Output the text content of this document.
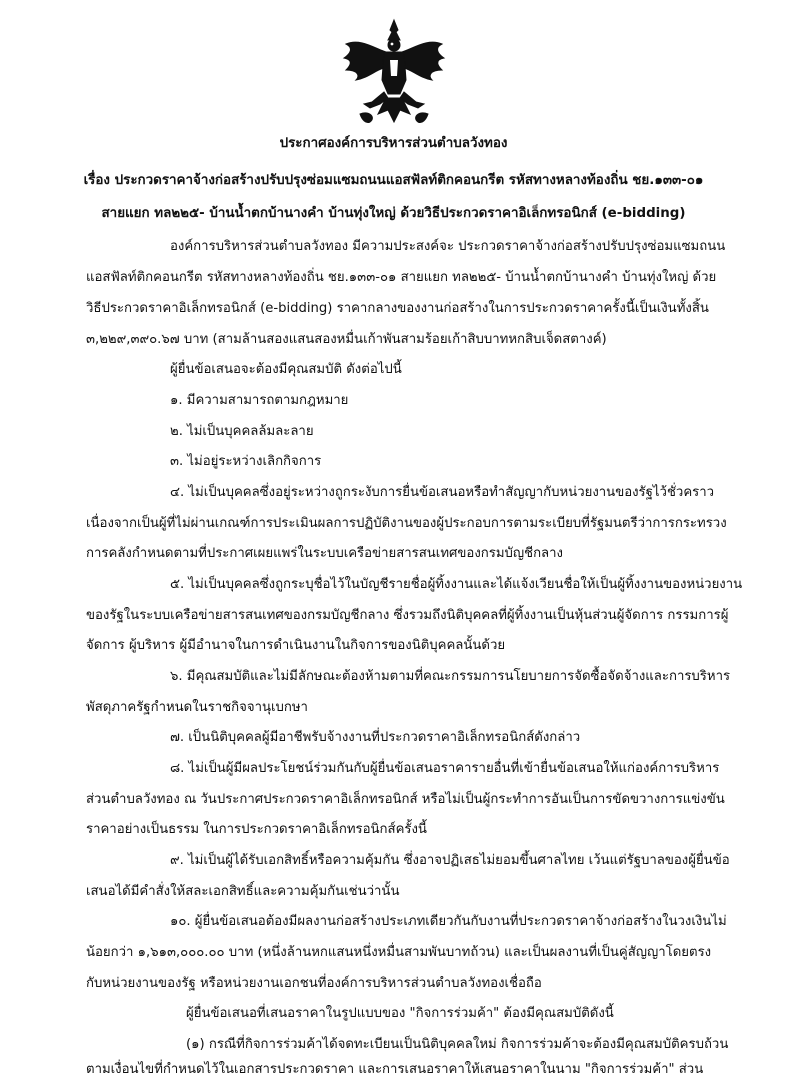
ประกาศองค์การบริหารส่วนตำบลวังทอง
เรื่อง ประกวดราคาจ้างก่อสร้างปรับปรุงซ่อมแซมถนนแอสฟัลท์ติกคอนกรีต รหัสทางหลางท้องถิ่น ชย.๑๓๓-๐๑
สายแยก ทล๒๒๕- บ้านน้ำตกบ้านางคำ บ้านทุ่งใหญ่ ด้วยวิธีประกวดราคาอิเล็กทรอนิกส์ (e-bidding)
องค์การบริหารส่วนตำบลวังทอง มีความประสงค์จะ ประกวดราคาจ้างก่อสร้างปรับปรุงซ่อมแซมถนน
แอสฟัลท์ติกคอนกรีต รหัสทางหลางท้องถิ่น ชย.๑๓๓-๐๑ สายแยก ทล๒๒๕- บ้านน้ำตกบ้านางคำ บ้านทุ่งใหญ่ ด้วย
วิธีประกวดราคาอิเล็กทรอนิกส์ (e-bidding) ราคากลางของงานก่อสร้างในการประกวดราคาครั้งนี้เป็นเงินทั้งสิ้น
๓,๒๒๙,๓๙๐.๖๗ บาท (สามล้านสองแสนสองหมื่นเก้าพันสามร้อยเก้าสิบบาทหกสิบเจ็ดสตางค์)
ผู้ยื่นข้อเสนอจะต้องมีคุณสมบัติ ดังต่อไปนี้
๑. มีความสามารถตามกฎหมาย
๒. ไม่เป็นบุคคลล้มละลาย
๓. ไม่อยู่ระหว่างเลิกกิจการ
๔. ไม่เป็นบุคคลซึ่งอยู่ระหว่างถูกระงับการยื่นข้อเสนอหรือทำสัญญากับหน่วยงานของรัฐไว้ชั่วคราว
เนื่องจากเป็นผู้ที่ไม่ผ่านเกณฑ์การประเมินผลการปฏิบัติงานของผู้ประกอบการตามระเบียบที่รัฐมนตรีว่าการกระทรวง
การคลังกำหนดตามที่ประกาศเผยแพร่ในระบบเครือข่ายสารสนเทศของกรมบัญชีกลาง
๕. ไม่เป็นบุคคลซึ่งถูกระบุชื่อไว้ในบัญชีรายชื่อผู้ทิ้งงานและได้แจ้งเวียนชื่อให้เป็นผู้ทิ้งงานของหน่วยงาน
ของรัฐในระบบเครือข่ายสารสนเทศของกรมบัญชีกลาง ซึ่งรวมถึงนิติบุคคลที่ผู้ทิ้งงานเป็นหุ้นส่วนผู้จัดการ กรรมการผู้
จัดการ ผู้บริหาร ผู้มีอำนาจในการดำเนินงานในกิจการของนิติบุคคลนั้นด้วย
๖. มีคุณสมบัติและไม่มีลักษณะต้องห้ามตามที่คณะกรรมการนโยบายการจัดซื้อจัดจ้างและการบริหาร
พัสดุภาครัฐกำหนดในราชกิจจานุเบกษา
๗. เป็นนิติบุคคลผู้มีอาชีพรับจ้างงานที่ประกวดราคาอิเล็กทรอนิกส์ดังกล่าว
๘. ไม่เป็นผู้มีผลประโยชน์ร่วมกันกับผู้ยื่นข้อเสนอราคารายอื่นที่เข้ายื่นข้อเสนอให้แก่องค์การบริหาร
ส่วนตำบลวังทอง ณ วันประกาศประกวดราคาอิเล็กทรอนิกส์ หรือไม่เป็นผู้กระทำการอันเป็นการขัดขวางการแข่งขัน
ราคาอย่างเป็นธรรม ในการประกวดราคาอิเล็กทรอนิกส์ครั้งนี้
๙. ไม่เป็นผู้ได้รับเอกสิทธิ์หรือความคุ้มกัน ซึ่งอาจปฏิเสธไม่ยอมขึ้นศาลไทย เว้นแต่รัฐบาลของผู้ยื่นข้อ
เสนอได้มีคำสั่งให้สละเอกสิทธิ์และความคุ้มกันเช่นว่านั้น
๑๐. ผู้ยื่นข้อเสนอต้องมีผลงานก่อสร้างประเภทเดียวกันกับงานที่ประกวดราคาจ้างก่อสร้างในวงเงินไม่
น้อยกว่า ๑,๖๑๓,๐๐๐.๐๐ บาท (หนึ่งล้านหกแสนหนึ่งหมื่นสามพันบาทถ้วน) และเป็นผลงานที่เป็นคู่สัญญาโดยตรง
กับหน่วยงานของรัฐ หรือหน่วยงานเอกชนที่องค์การบริหารส่วนตำบลวังทองเชื่อถือ
ผู้ยื่นข้อเสนอที่เสนอราคาในรูปแบบของ "กิจการร่วมค้า" ต้องมีคุณสมบัติดังนี้
(๑) กรณีที่กิจการร่วมค้าได้จดทะเบียนเป็นนิติบุคคลใหม่ กิจการร่วมค้าจะต้องมีคุณสมบัติครบถ้วน
ตามเงื่อนไขที่กำหนดไว้ในเอกสารประกวดราคา และการเสนอราคาให้เสนอราคาในนาม "กิจการร่วมค้า" ส่วน
